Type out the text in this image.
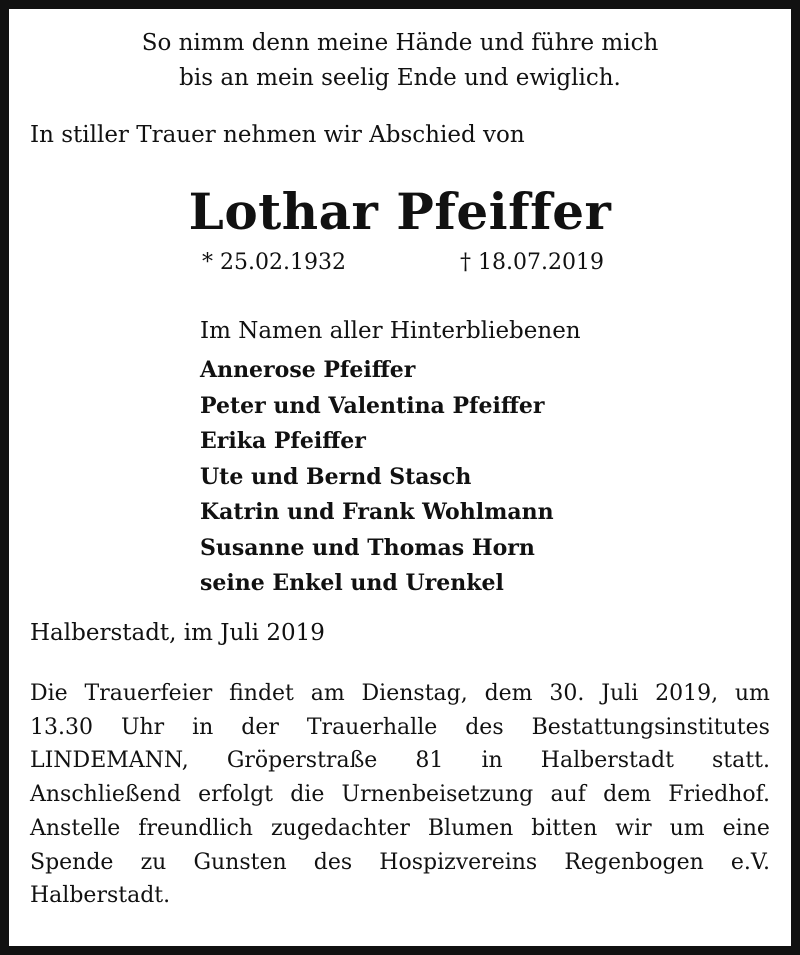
So nimm denn meine Hände und führe mich
bis an mein seelig Ende und ewiglich.
In stiller Trauer nehmen wir Abschied von
Lothar Pfeiffer
* 25.02.1932	† 18.07.2019
Im Namen aller Hinterbliebenen
Annerose Pfeiffer
Peter und Valentina Pfeiffer
Erika Pfeiffer
Ute und Bernd Stasch
Katrin und Frank Wohlmann
Susanne und Thomas Horn
seine Enkel und Urenkel
Halberstadt, im Juli 2019
Die Trauerfeier findet am Dienstag, dem 30. Juli 2019, um
13.30 Uhr in der Trauerhalle des Bestattungsinstitutes
LINDEMANN, Gröperstraße 81 in Halberstadt statt.
Anschließend erfolgt die Urnenbeisetzung auf dem Friedhof.
Anstelle freundlich zugedachter Blumen bitten wir um eine
Spende zu Gunsten des Hospizvereins Regenbogen e.V.
Halberstadt.
